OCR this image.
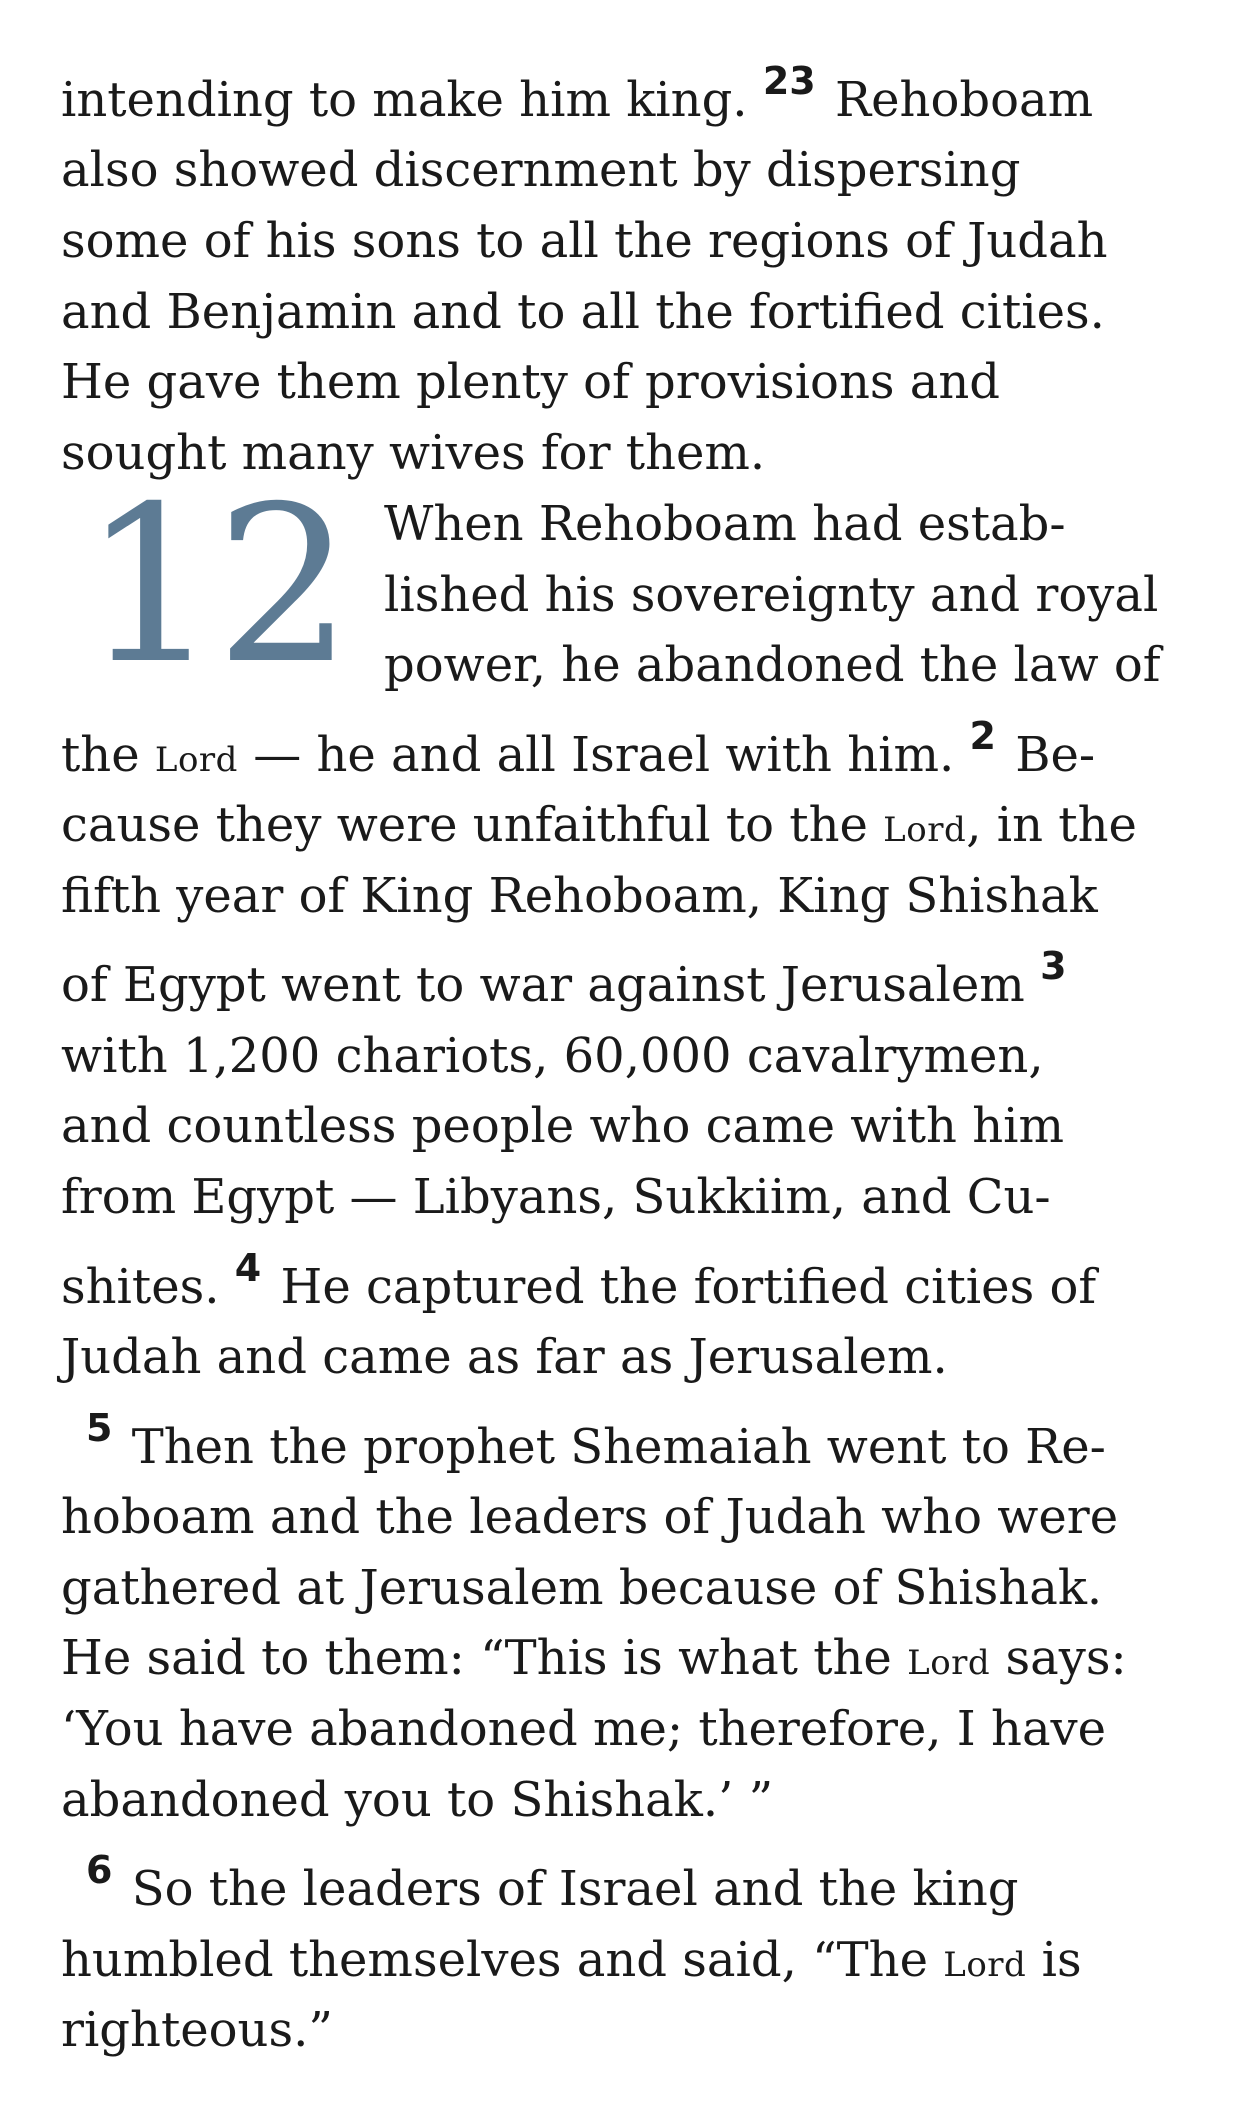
12
intending to make him king. $^{23}$ Rehoboam
also showed discernment by dispersing
some of his sons to all the regions of Judah
and Benjamin and to all the fortified cities.
He gave them plenty of provisions and
sought many wives for them.
When Rehoboam had estab-
lished his sovereignty and royal
power, he abandoned the law of
the Lord — he and all Israel with him. $^2$ Be-
cause they were unfaithful to the Lord, in the
fifth year of King Rehoboam, King Shishak
of Egypt went to war against Jerusalem $^3$
with 1,200 chariots, 60,000 cavalrymen,
and countless people who came with him
from Egypt — Libyans, Sukkiim, and Cu-
shites. $^4$ He captured the fortified cities of
Judah and came as far as Jerusalem.
$^5$ Then the prophet Shemaiah went to Re-
hoboam and the leaders of Judah who were
gathered at Jerusalem because of Shishak.
He said to them: “This is what the Lord says:
‘You have abandoned me; therefore, I have
abandoned you to Shishak.’ ”
$^6$ So the leaders of Israel and the king
humbled themselves and said, “The Lord is
righteous.”
